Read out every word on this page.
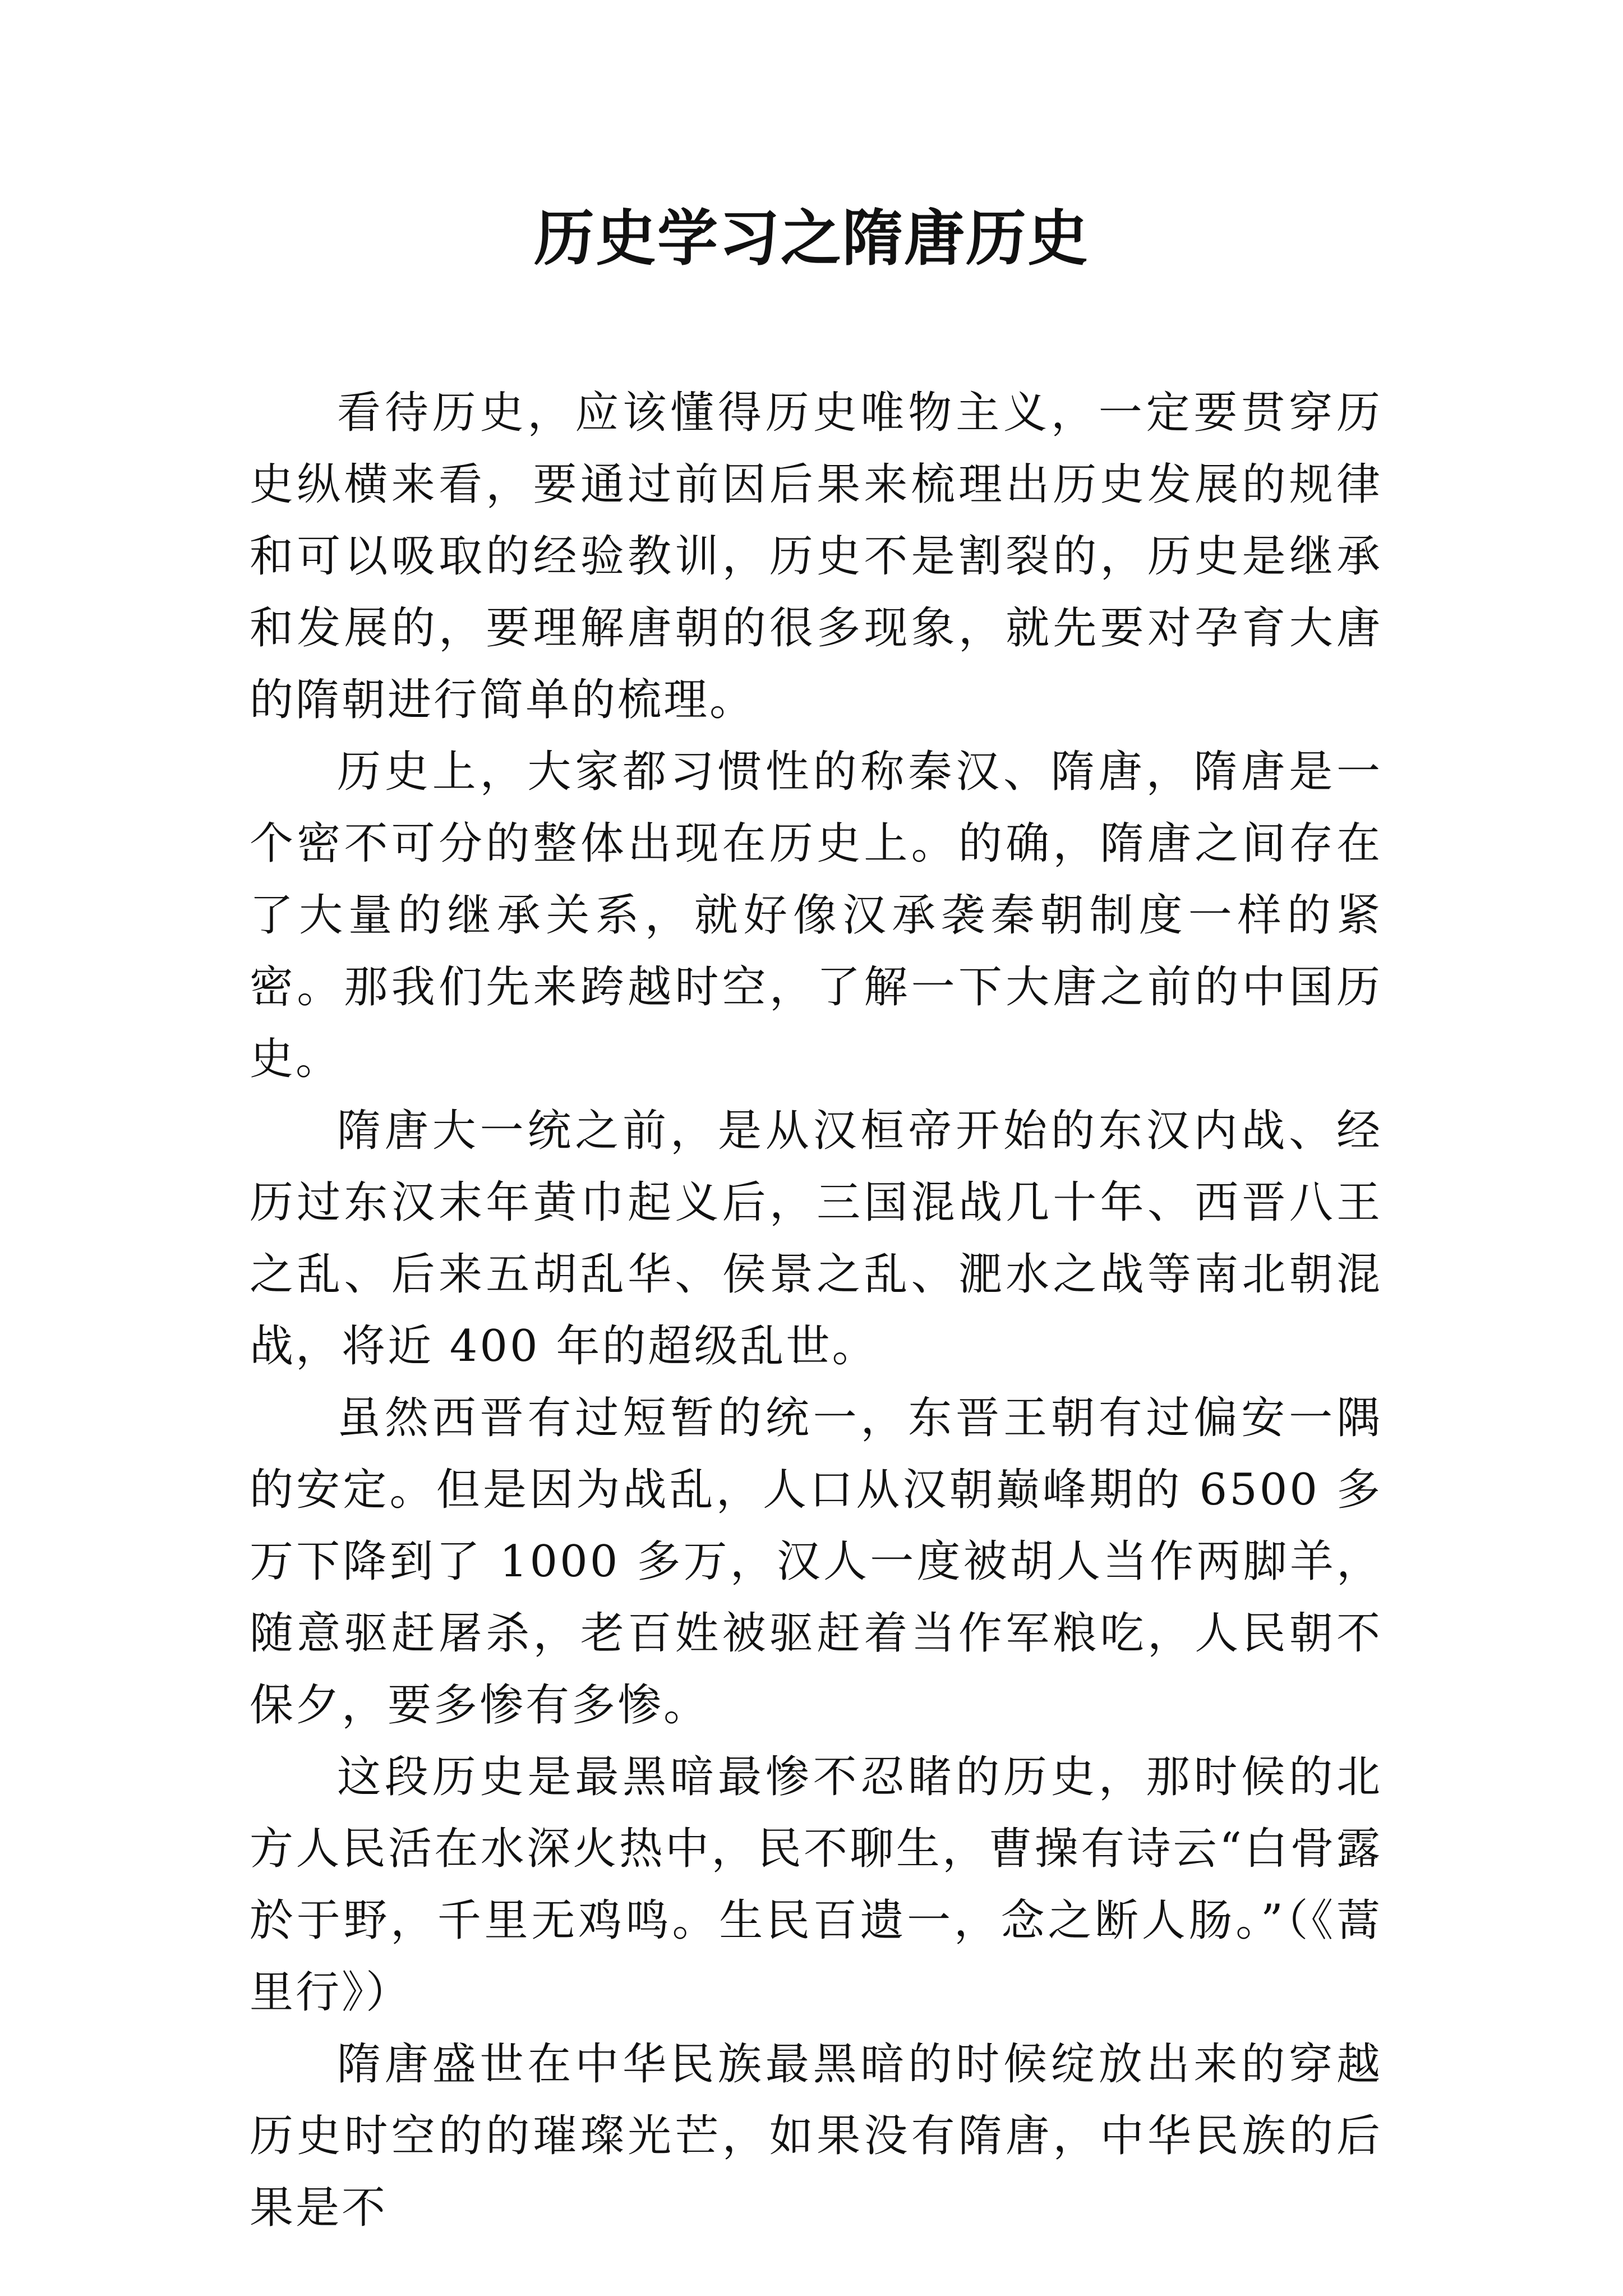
历史学习之隋唐历史

看待历史，应该懂得历史唯物主义，一定要贯穿历史纵横来看，要通过前因后果来梳理出历史发展的规律和可以吸取的经验教训，历史不是割裂的，历史是继承和发展的，要理解唐朝的很多现象，就先要对孕育大唐的隋朝进行简单的梳理。

历史上，大家都习惯性的称秦汉、隋唐，隋唐是一个密不可分的整体出现在历史上。的确，隋唐之间存在了大量的继承关系，就好像汉承袭秦朝制度一样的紧密。那我们先来跨越时空，了解一下大唐之前的中国历史。

隋唐大一统之前，是从汉桓帝开始的东汉内战、经历过东汉末年黄巾起义后，三国混战几十年、西晋八王之乱、后来五胡乱华、侯景之乱、淝水之战等南北朝混战，将近 400 年的超级乱世。

虽然西晋有过短暂的统一，东晋王朝有过偏安一隅的安定。但是因为战乱，人口从汉朝巅峰期的 6500 多万下降到了 1000 多万，汉人一度被胡人当作两脚羊，随意驱赶屠杀，老百姓被驱赶着当作军粮吃，人民朝不保夕，要多惨有多惨。

这段历史是最黑暗最惨不忍睹的历史，那时候的北方人民活在水深火热中，民不聊生，曹操有诗云“白骨露於于野，千里无鸡鸣。生民百遗一，念之断人肠。”（《蒿里行》）

隋唐盛世在中华民族最黑暗的时候绽放出来的穿越历史时空的的璀璨光芒，如果没有隋唐，中华民族的后果是不
